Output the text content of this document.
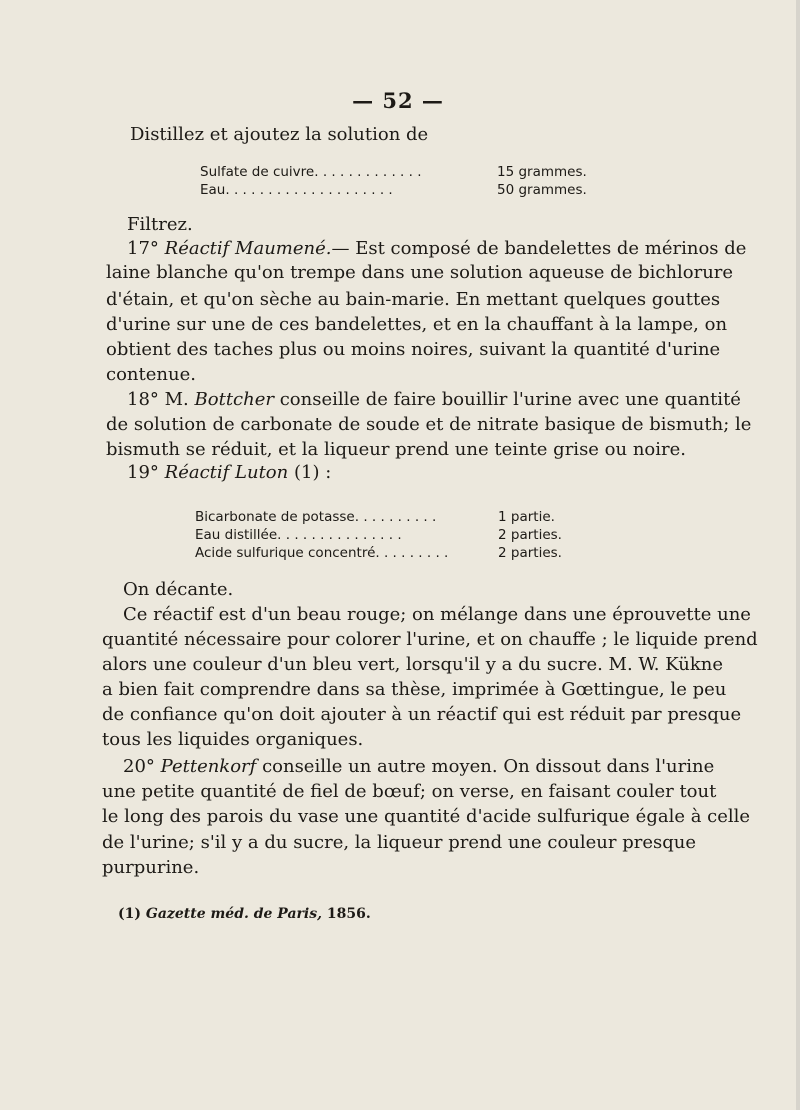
— 52 —
Distillez et ajoutez la solution de
Sulfate de cuivre. . . . . . . . . . . . .	15 grammes.
Eau. . . . . . . . . . . . . . . . . . . .	50 grammes.
Filtrez.
17° Réactif Maumené.— Est composé de bandelettes de mérinos de
laine blanche qu'on trempe dans une solution aqueuse de bichlorure
d'étain, et qu'on sèche au bain-marie. En mettant quelques gouttes
d'urine sur une de ces bandelettes, et en la chauffant à la lampe, on
obtient des taches plus ou moins noires, suivant la quantité d'urine
contenue.
18° M. Bottcher conseille de faire bouillir l'urine avec une quantité
de solution de carbonate de soude et de nitrate basique de bismuth; le
bismuth se réduit, et la liqueur prend une teinte grise ou noire.
19° Réactif Luton (1) :
Bicarbonate de potasse. . . . . . . . . .	1 partie.
Eau distillée. . . . . . . . . . . . . . .	2 parties.
Acide sulfurique concentré. . . . . . . . .	2 parties.
On décante.
Ce réactif est d'un beau rouge; on mélange dans une éprouvette une
quantité nécessaire pour colorer l'urine, et on chauffe ; le liquide prend
alors une couleur d'un bleu vert, lorsqu'il y a du sucre. M. W. Kükne
a bien fait comprendre dans sa thèse, imprimée à Gœttingue, le peu
de confiance qu'on doit ajouter à un réactif qui est réduit par presque
tous les liquides organiques.
20° Pettenkorf conseille un autre moyen. On dissout dans l'urine
une petite quantité de fiel de bœuf; on verse, en faisant couler tout
le long des parois du vase une quantité d'acide sulfurique égale à celle
de l'urine; s'il y a du sucre, la liqueur prend une couleur presque
purpurine.
(1) Gazette méd. de Paris, 1856.
